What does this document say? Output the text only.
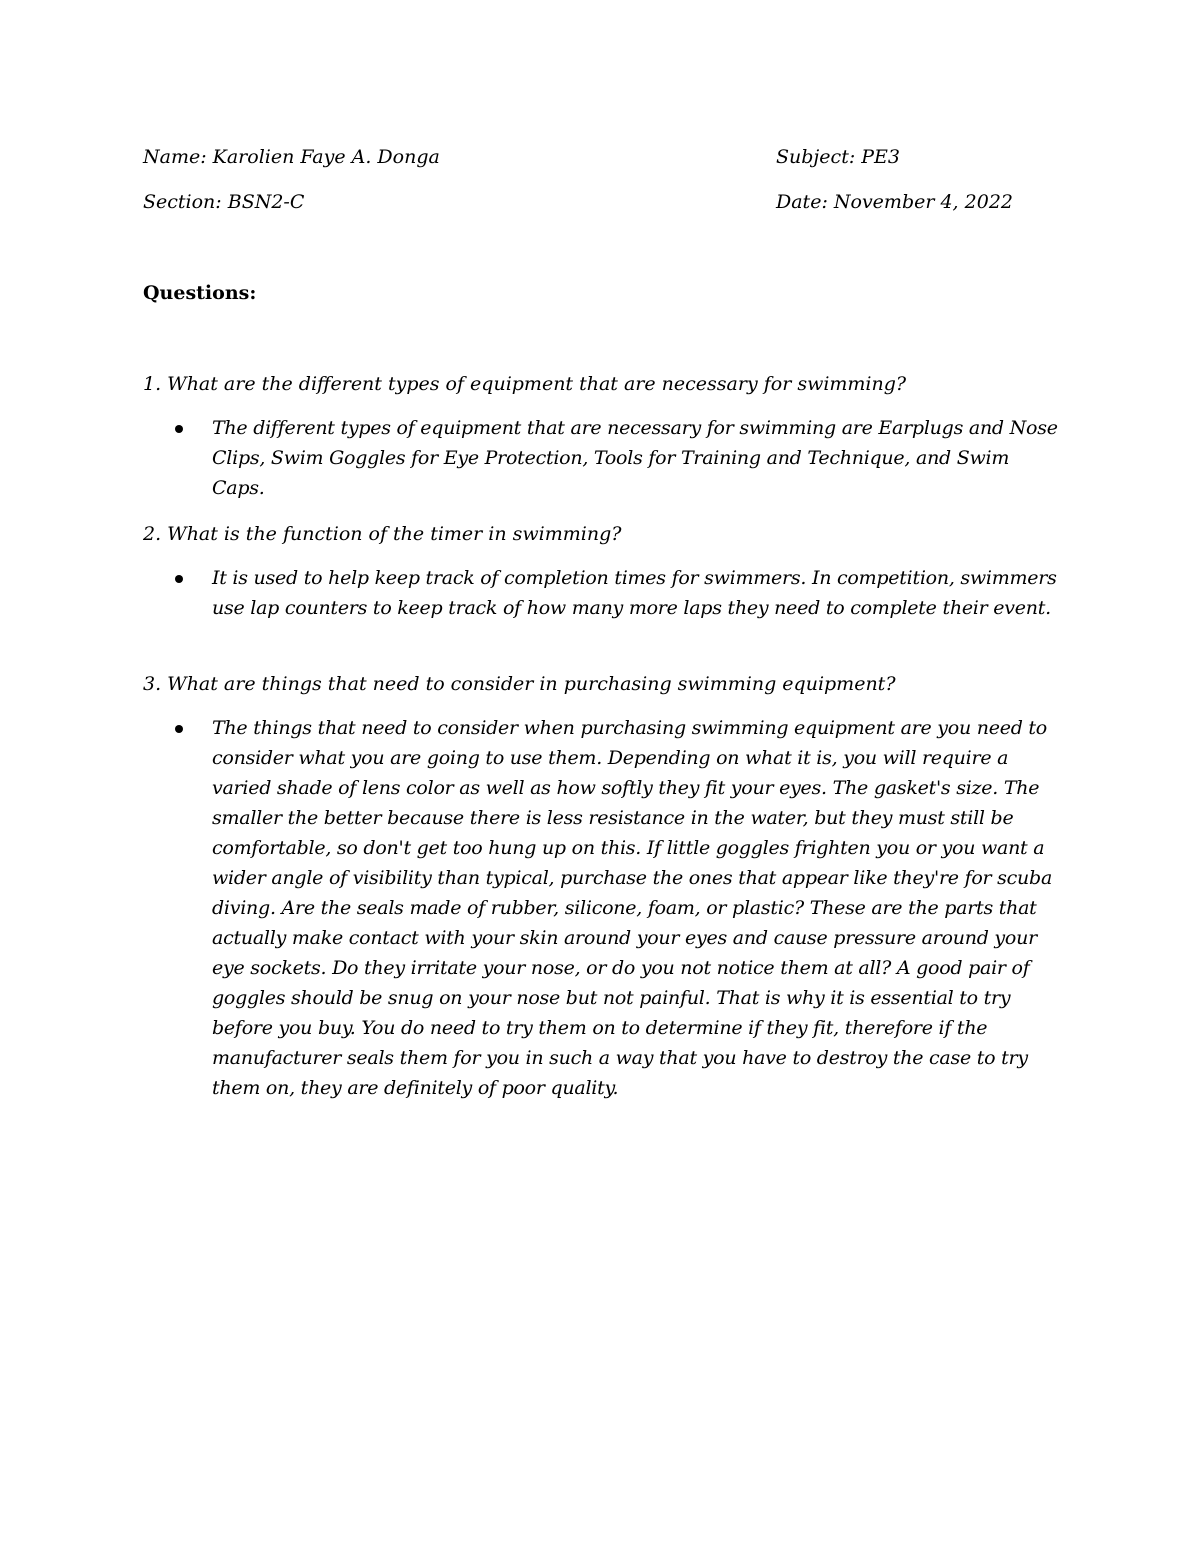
Name: Karolien Faye A. Donga	Subject: PE3
Section: BSN2-C	Date: November 4, 2022
Questions:

1. What are the different types of equipment that are necessary for swimming?

The different types of equipment that are necessary for swimming are Earplugs and Nose Clips, Swim Goggles for Eye Protection, Tools for Training and Technique, and Swim Caps.

2. What is the function of the timer in swimming?

It is used to help keep track of completion times for swimmers. In competition, swimmers use lap counters to keep track of how many more laps they need to complete their event.

3. What are things that need to consider in purchasing swimming equipment?

The things that need to consider when purchasing swimming equipment are you need to consider what you are going to use them. Depending on what it is, you will require a varied shade of lens color as well as how softly they fit your eyes. The gasket's size. The smaller the better because there is less resistance in the water, but they must still be comfortable, so don't get too hung up on this. If little goggles frighten you or you want a wider angle of visibility than typical, purchase the ones that appear like they're for scuba diving. Are the seals made of rubber, silicone, foam, or plastic? These are the parts that actually make contact with your skin around your eyes and cause pressure around your eye sockets. Do they irritate your nose, or do you not notice them at all? A good pair of goggles should be snug on your nose but not painful. That is why it is essential to try before you buy. You do need to try them on to determine if they fit, therefore if the manufacturer seals them for you in such a way that you have to destroy the case to try them on, they are definitely of poor quality.
